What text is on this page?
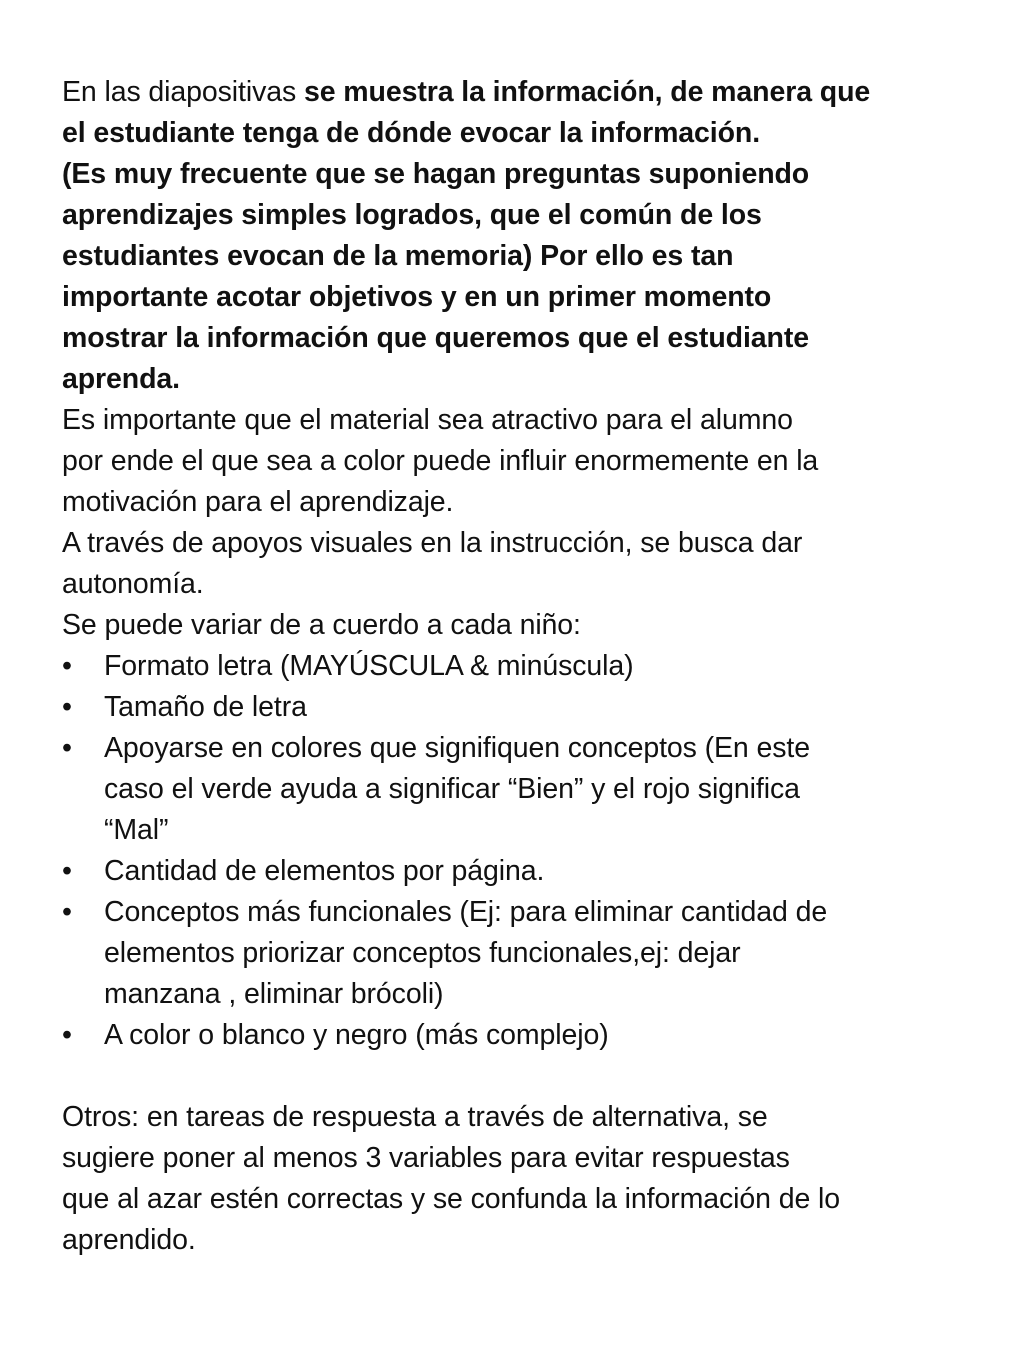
En las diapositivas se muestra la información, de manera que
el estudiante tenga de dónde evocar la información.
(Es muy frecuente que se hagan preguntas suponiendo
aprendizajes simples logrados, que el común de los
estudiantes evocan de la memoria) Por ello es tan
importante acotar objetivos y en un primer momento
mostrar la información que queremos que el estudiante
aprenda.
Es importante que el material sea atractivo para el alumno
por ende el que sea a color puede influir enormemente en la
motivación para el aprendizaje.
A través de apoyos visuales en la instrucción, se busca dar
autonomía.
Se puede variar de a cuerdo a cada niño:
•	Formato letra (MAYÚSCULA & minúscula)
•	Tamaño de letra
•	Apoyarse en colores que signifiquen conceptos (En este
caso el verde ayuda a significar “Bien” y el rojo significa
“Mal”
•	Cantidad de elementos por página.
•	Conceptos más funcionales (Ej: para eliminar cantidad de
elementos priorizar conceptos funcionales,ej: dejar
manzana , eliminar brócoli)
•	A color o blanco y negro (más complejo)
Otros: en tareas de respuesta a través de alternativa, se
sugiere poner al menos 3 variables para evitar respuestas
que al azar estén correctas y se confunda la información de lo
aprendido.
